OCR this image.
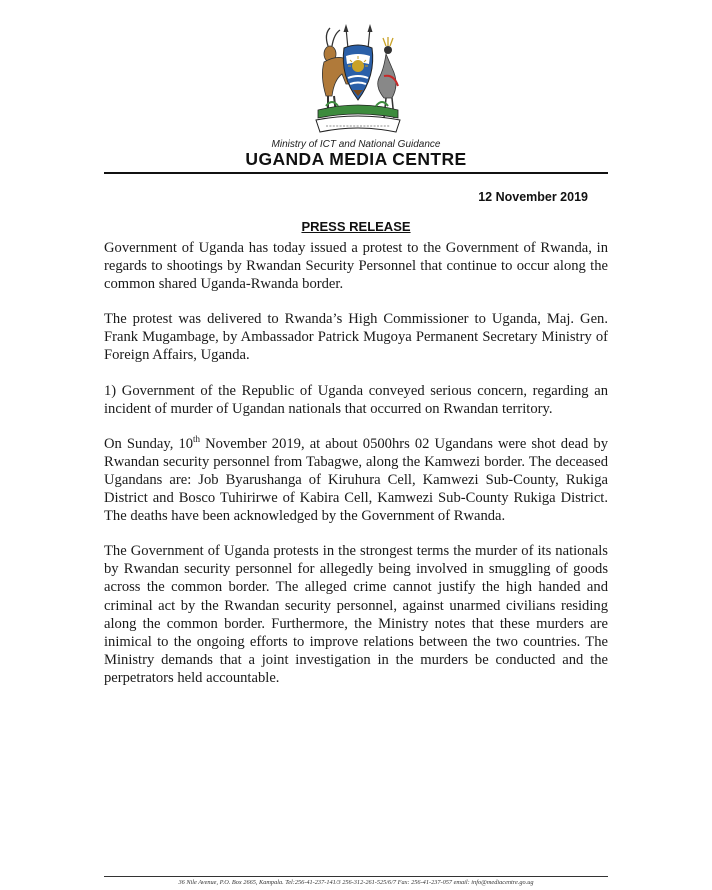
Ministry of ICT and National Guidance
UGANDA MEDIA CENTRE
12 November 2019
PRESS RELEASE

Government of Uganda has today issued a protest to the Government of Rwanda, in regards to shootings by Rwandan Security Personnel that continue to occur along the common shared Uganda-Rwanda border.

The protest was delivered to Rwanda’s High Commissioner to Uganda, Maj. Gen. Frank Mugambage, by Ambassador Patrick Mugoya Permanent Secretary Ministry of Foreign Affairs, Uganda.

1) Government of the Republic of Uganda conveyed serious concern, regarding an incident of murder of Ugandan nationals that occurred on Rwandan territory.

On Sunday, 10th November 2019, at about 0500hrs 02 Ugandans were shot dead by Rwandan security personnel from Tabagwe, along the Kamwezi border. The deceased Ugandans are: Job Byarushanga of Kiruhura Cell, Kamwezi Sub-County, Rukiga District and Bosco Tuhirirwe of Kabira Cell, Kamwezi Sub-County Rukiga District. The deaths have been acknowledged by the Government of Rwanda.

The Government of Uganda protests in the strongest terms the murder of its nationals by Rwandan security personnel for allegedly being involved in smuggling of goods across the common border. The alleged crime cannot justify the high handed and criminal act by the Rwandan security personnel, against unarmed civilians residing along the common border. Furthermore, the Ministry notes that these murders are inimical to the ongoing efforts to improve relations between the two countries. The Ministry demands that a joint investigation in the murders be conducted and the perpetrators held accountable.

36 Nile Avenue, P.O. Box 2665, Kampala. Tel:256-41-237-141/3 256-312-261-525/6/7 Fax: 256-41-237-057 email: info@mediacentre.go.ug
